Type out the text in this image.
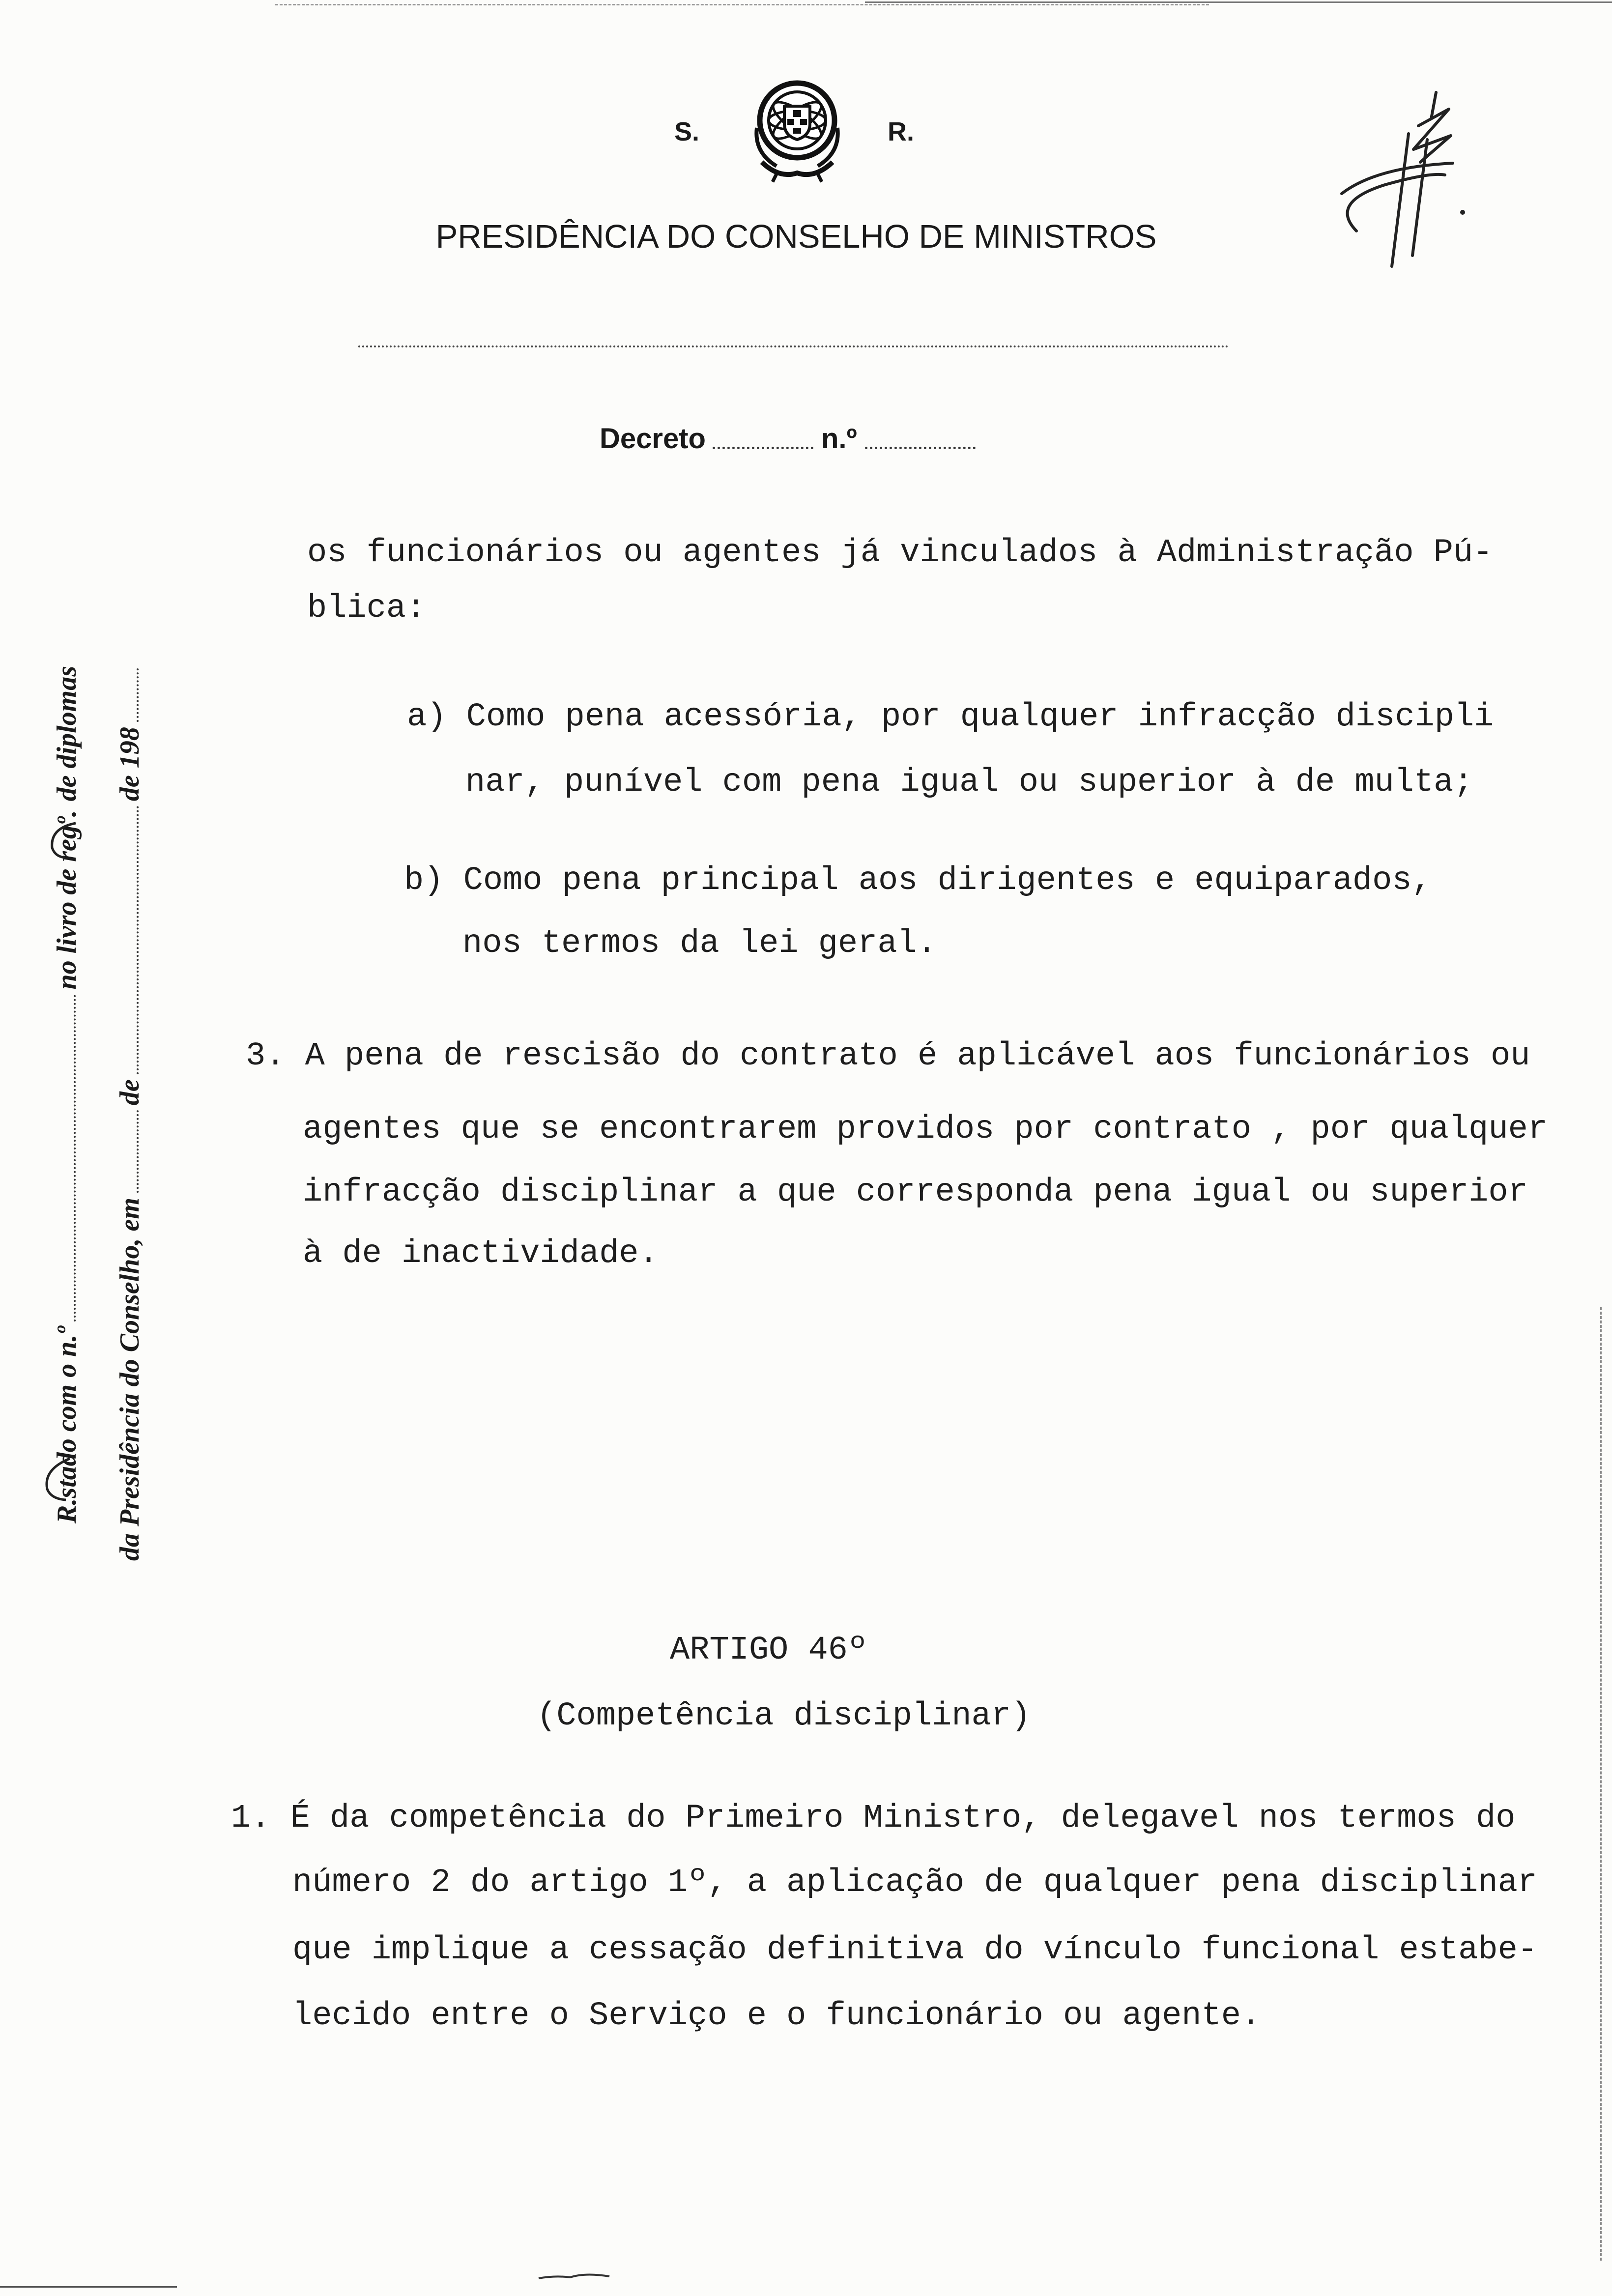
S.	R.
PRESIDÊNCIA DO CONSELHO DE MINISTROS
Decreto	n.º
R.stado com o n.º
no livro de regº.
de diplomas
da Presidência do Conselho, em
de
de 198
os funcionários ou agentes já vinculados à Administração Pú-
blica:
a) Como pena acessória, por qualquer infracção discipli
nar, punível com pena igual ou superior à de multa;
b) Como pena principal aos dirigentes e equiparados,
nos termos da lei geral.
3. A pena de rescisão do contrato é aplicável aos funcionários ou
agentes que se encontrarem providos por contrato , por qualquer
infracção disciplinar a que corresponda pena igual ou superior
à de inactividade.
ARTIGO 46º
(Competência disciplinar)
1. É da competência do Primeiro Ministro, delegavel nos termos do
número 2 do artigo 1º, a aplicação de qualquer pena disciplinar
que implique a cessação definitiva do vínculo funcional estabe-
lecido entre o Serviço e o funcionário ou agente.
